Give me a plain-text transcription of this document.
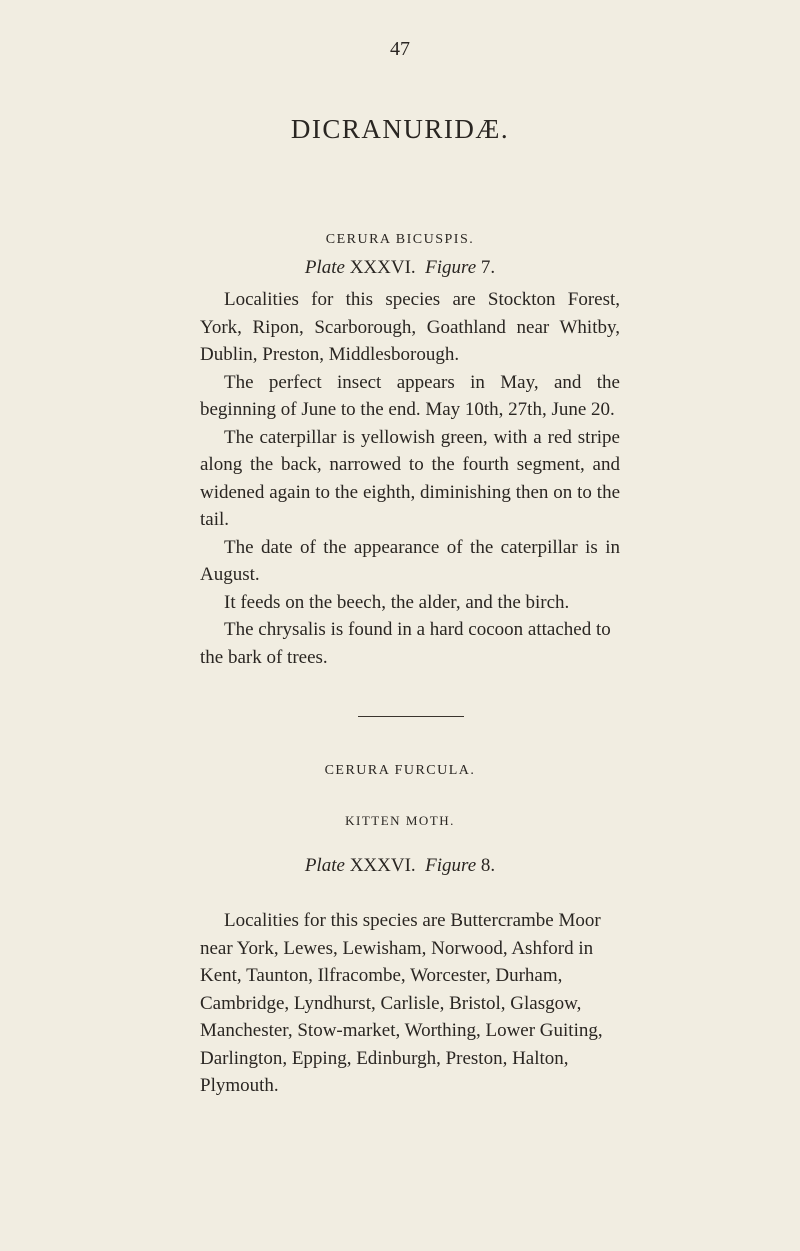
47
DICRANURIDÆ.
CERURA BICUSPIS.
Plate XXXVI. Figure 7.

Localities for this species are Stockton Forest, York, Ripon, Scarborough, Goathland near Whitby, Dublin, Preston, Middlesborough.

The perfect insect appears in May, and the beginning of June to the end. May 10th, 27th, June 20.

The caterpillar is yellowish green, with a red stripe along the back, narrowed to the fourth segment, and widened again to the eighth, diminishing then on to the tail.

The date of the appearance of the caterpillar is in August.

It feeds on the beech, the alder, and the birch.

The chrysalis is found in a hard cocoon attached to the bark of trees.

CERURA FURCULA.
KITTEN MOTH.
Plate XXXVI. Figure 8.

Localities for this species are Buttercrambe Moor near York, Lewes, Lewisham, Norwood, Ashford in Kent, Taunton, Ilfracombe, Worcester, Durham, Cambridge, Lyndhurst, Carlisle, Bristol, Glasgow, Manchester, Stow-market, Worthing, Lower Guiting, Darlington, Epping, Edinburgh, Preston, Halton, Plymouth.
